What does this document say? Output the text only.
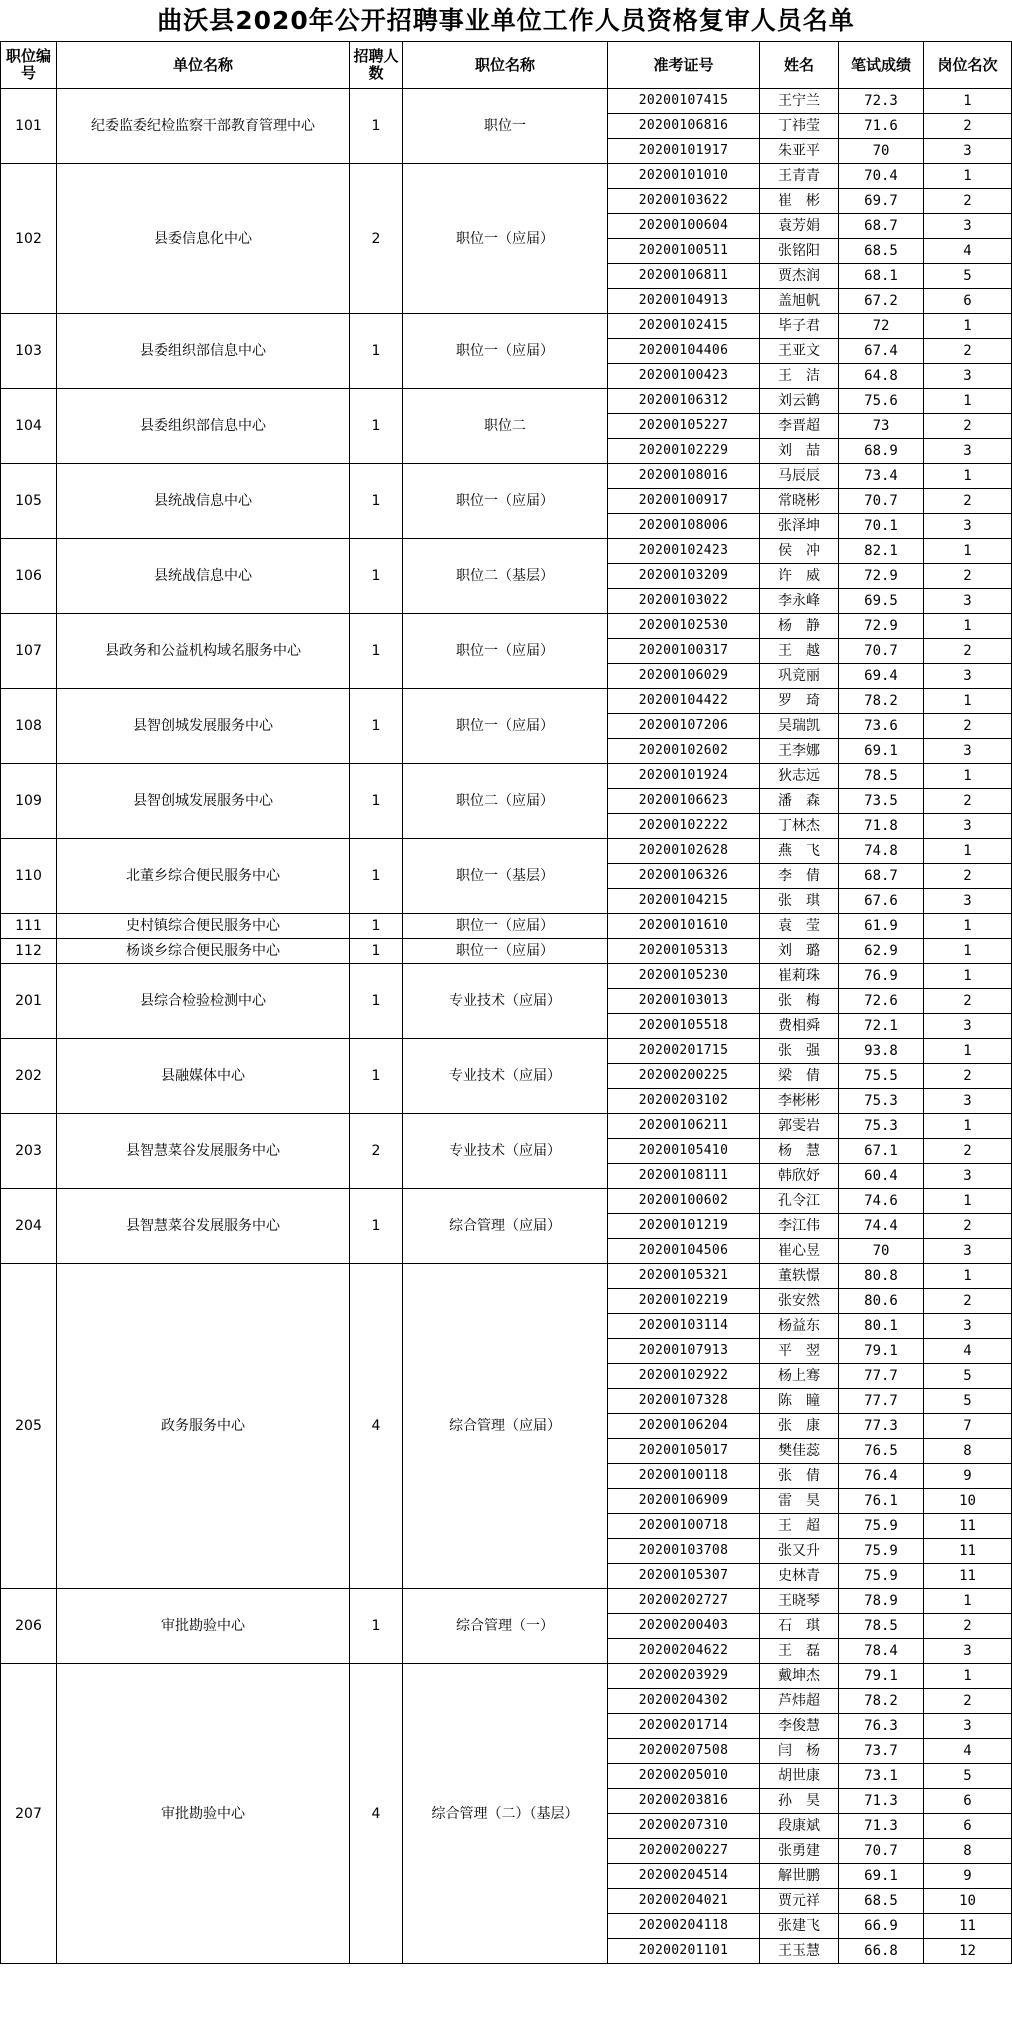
曲沃县2020年公开招聘事业单位工作人员资格复审人员名单
职位编号	单位名称	招聘人数	职位名称	准考证号	姓名	笔试成绩	岗位名次
101	纪委监委纪检监察干部教育管理中心	1	职位一	20200107415	王宁兰	72.3	1
				20200106816	丁祎莹	71.6	2
				20200101917	朱亚平	70	3
102	县委信息化中心	2	职位一（应届）	20200101010	王青青	70.4	1
				20200103622	崔　彬	69.7	2
				20200100604	袁芳娟	68.7	3
				20200100511	张铭阳	68.5	4
				20200106811	贾杰润	68.1	5
				20200104913	盖旭帆	67.2	6
103	县委组织部信息中心	1	职位一（应届）	20200102415	毕子君	72	1
				20200104406	王亚文	67.4	2
				20200100423	王　洁	64.8	3
104	县委组织部信息中心	1	职位二	20200106312	刘云鹤	75.6	1
				20200105227	李晋超	73	2
				20200102229	刘　喆	68.9	3
105	县统战信息中心	1	职位一（应届）	20200108016	马辰辰	73.4	1
				20200100917	常晓彬	70.7	2
				20200108006	张泽坤	70.1	3
106	县统战信息中心	1	职位二（基层）	20200102423	侯　冲	82.1	1
				20200103209	许　威	72.9	2
				20200103022	李永峰	69.5	3
107	县政务和公益机构域名服务中心	1	职位一（应届）	20200102530	杨　静	72.9	1
				20200100317	王　越	70.7	2
				20200106029	巩竞丽	69.4	3
108	县智创城发展服务中心	1	职位一（应届）	20200104422	罗　琦	78.2	1
				20200107206	吴瑞凯	73.6	2
				20200102602	王李娜	69.1	3
109	县智创城发展服务中心	1	职位二（应届）	20200101924	狄志远	78.5	1
				20200106623	潘　森	73.5	2
				20200102222	丁林杰	71.8	3
110	北董乡综合便民服务中心	1	职位一（基层）	20200102628	燕　飞	74.8	1
				20200106326	李　倩	68.7	2
				20200104215	张　琪	67.6	3
111	史村镇综合便民服务中心	1	职位一（应届）	20200101610	袁　莹	61.9	1
112	杨谈乡综合便民服务中心	1	职位一（应届）	20200105313	刘　璐	62.9	1
201	县综合检验检测中心	1	专业技术（应届）	20200105230	崔莉珠	76.9	1
				20200103013	张　梅	72.6	2
				20200105518	费相舜	72.1	3
202	县融媒体中心	1	专业技术（应届）	20200201715	张　强	93.8	1
				20200200225	梁　倩	75.5	2
				20200203102	李彬彬	75.3	3
203	县智慧菜谷发展服务中心	2	专业技术（应届）	20200106211	郭雯岩	75.3	1
				20200105410	杨　慧	67.1	2
				20200108111	韩欣妤	60.4	3
204	县智慧菜谷发展服务中心	1	综合管理（应届）	20200100602	孔令江	74.6	1
				20200101219	李江伟	74.4	2
				20200104506	崔心昱	70	3
205	政务服务中心	4	综合管理（应届）	20200105321	董轶憬	80.8	1
				20200102219	张安然	80.6	2
				20200103114	杨益东	80.1	3
				20200107913	平　翌	79.1	4
				20200102922	杨上骞	77.7	5
				20200107328	陈　瞳	77.7	5
				20200106204	张　康	77.3	7
				20200105017	樊佳蕊	76.5	8
				20200100118	张　倩	76.4	9
				20200106909	雷　昊	76.1	10
				20200100718	王　超	75.9	11
				20200103708	张又升	75.9	11
				20200105307	史林青	75.9	11
206	审批勘验中心	1	综合管理（一）	20200202727	王晓琴	78.9	1
				20200200403	石　琪	78.5	2
				20200204622	王　磊	78.4	3
207	审批勘验中心	4	综合管理（二）（基层）	20200203929	戴坤杰	79.1	1
				20200204302	芦炜超	78.2	2
				20200201714	李俊慧	76.3	3
				20200207508	闫　杨	73.7	4
				20200205010	胡世康	73.1	5
				20200203816	孙　昊	71.3	6
				20200207310	段康斌	71.3	6
				20200200227	张勇建	70.7	8
				20200204514	解世鹏	69.1	9
				20200204021	贾元祥	68.5	10
				20200204118	张建飞	66.9	11
				20200201101	王玉慧	66.8	12
